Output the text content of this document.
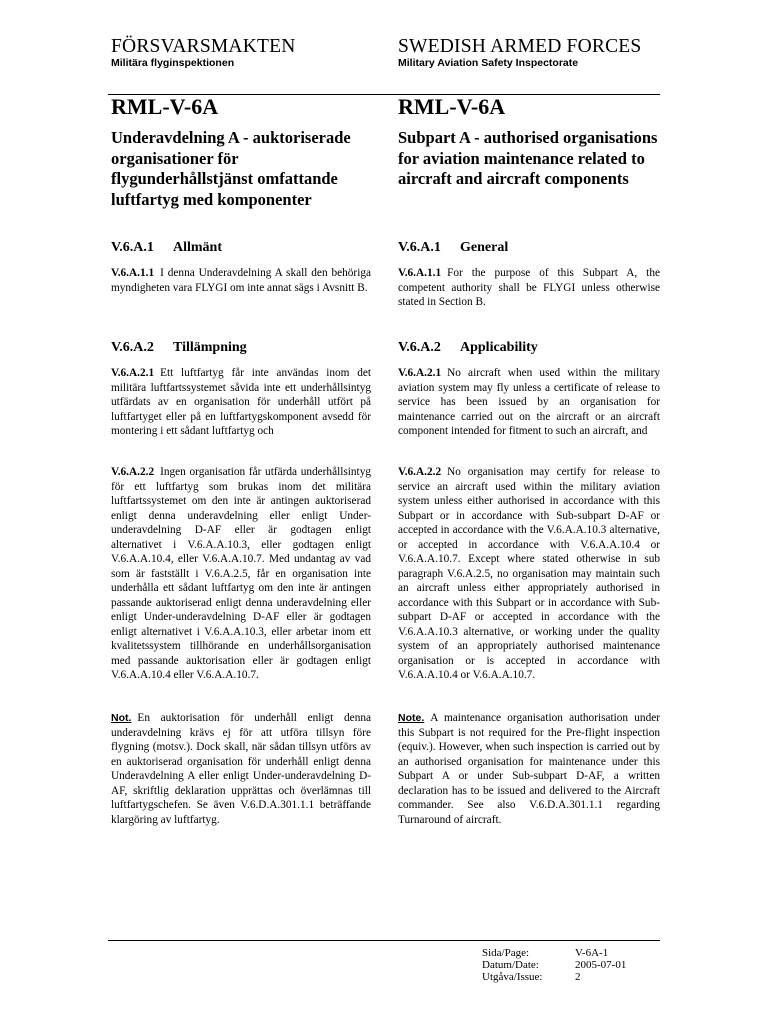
FÖRSVARSMAKTEN
Militära flyginspektionen
SWEDISH ARMED FORCES
Military Aviation Safety Inspectorate
RML-V-6A	RML-V-6A
Underavdelning A - auktoriserade organisationer för flygunderhållstjänst omfattande luftfartyg med komponenter
Subpart A - authorised organisations for aviation maintenance related to aircraft and aircraft components
V.6.A.1 Allmänt	V.6.A.1 General
V.6.A.1.1 I denna Underavdelning A skall den behöriga myndigheten vara FLYGI om inte annat sägs i Avsnitt B.
V.6.A.1.1 For the purpose of this Subpart A, the competent authority shall be FLYGI unless otherwise stated in Section B.
V.6.A.2 Tillämpning	V.6.A.2 Applicability
V.6.A.2.1 Ett luftfartyg får inte användas inom det militära luftfartssystemet såvida inte ett underhållsintyg utfärdats av en organisation för underhåll utfört på luftfartyget eller på en luftfartygskomponent avsedd för montering i ett sådant luftfartyg och
V.6.A.2.1 No aircraft when used within the military aviation system may fly unless a certificate of release to service has been issued by an organisation for maintenance carried out on the aircraft or an aircraft component intended for fitment to such an aircraft, and
V.6.A.2.2 Ingen organisation får utfärda underhållsintyg för ett luftfartyg som brukas inom det militära luftfartssystemet om den inte är antingen auktoriserad enligt denna underavdelning eller enligt Under-underavdelning D-AF eller är godtagen enligt alternativet i V.6.A.A.10.3, eller godtagen enligt V.6.A.A.10.4, eller V.6.A.A.10.7. Med undantag av vad som är fastställt i V.6.A.2.5, får en organisation inte underhålla ett sådant luftfartyg om den inte är antingen passande auktoriserad enligt denna underavdelning eller enligt Under-underavdelning D-AF eller är godtagen enligt alternativet i V.6.A.A.10.3, eller arbetar inom ett kvalitetssystem tillhörande en underhållsorganisation med passande auktorisation eller är godtagen enligt V.6.A.A.10.4 eller V.6.A.A.10.7.
V.6.A.2.2 No organisation may certify for release to service an aircraft used within the military aviation system unless either authorised in accordance with this Subpart or in accordance with Sub-subpart D-AF or accepted in accordance with the V.6.A.A.10.3 alternative, or accepted in accordance with V.6.A.A.10.4 or V.6.A.A.10.7. Except where stated otherwise in sub paragraph V.6.A.2.5, no organisation may maintain such an aircraft unless either appropriately authorised in accordance with this Subpart or in accordance with Sub-subpart D-AF or accepted in accordance with the V.6.A.A.10.3 alternative, or working under the quality system of an appropriately authorised maintenance organisation or is accepted in accordance with V.6.A.A.10.4 or V.6.A.A.10.7.
Not. En auktorisation för underhåll enligt denna underavdelning krävs ej för att utföra tillsyn före flygning (motsv.). Dock skall, när sådan tillsyn utförs av en auktoriserad organisation för underhåll enligt denna Underavdelning A eller enligt Under-underavdelning D-AF, skriftlig deklaration upprättas och överlämnas till luftfartygschefen. Se även V.6.D.A.301.1.1 beträffande klargöring av luftfartyg.
Note. A maintenance organisation authorisation under this Subpart is not required for the Pre-flight inspection (equiv.). However, when such inspection is carried out by an authorised organisation for maintenance under this Subpart A or under Sub-subpart D-AF, a written declaration has to be issued and delivered to the Aircraft commander. See also V.6.D.A.301.1.1 regarding Turnaround of aircraft.
Sida/Page:	V-6A-1
Datum/Date:	2005-07-01
Utgåva/Issue:	2
